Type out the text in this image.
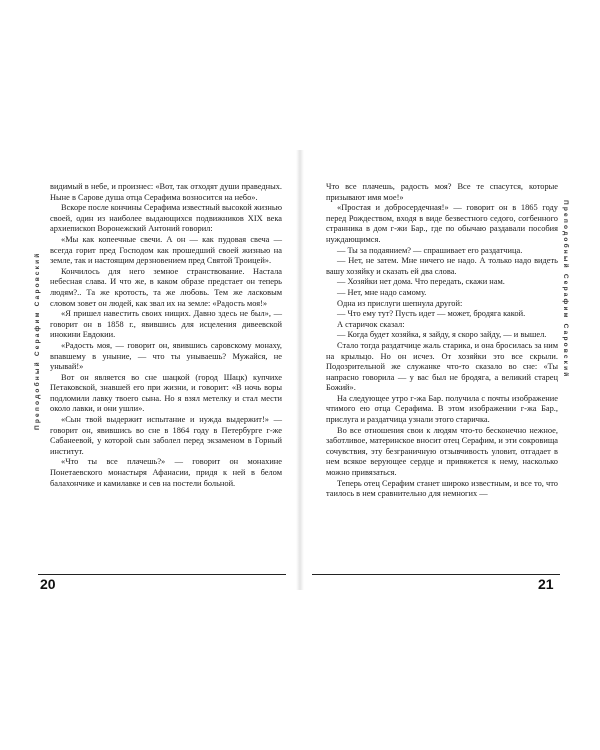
Преподобный Серафим Саровский	Преподобный Серафим Саровский

видимый в небе, и произнес: «Вот, так отходят души праведных. Ныне в Сарове душа отца Серафима возносится на небо».

Вскоре после кончины Серафима известный высокой жизнью своей, один из наиболее выдающихся подвижников XIX века архиепископ Воронежский Антоний говорил:

«Мы как копеечные свечи. А он — как пудовая свеча — всегда горит пред Господом как прошедший своей жизнью на земле, так и настоящим дерзновением пред Святой Троицей».

Кончилось для него земное странствование. Настала небесная слава. И что же, в каком образе предстает он теперь людям?.. Та же кротость, та же любовь. Тем же ласковым словом зовет он людей, как звал их на земле: «Радость моя!»

«Я пришел навестить своих нищих. Давно здесь не был», — говорит он в 1858 г., явившись для исцеления дивеевской инокини Евдокии.

«Радость моя, — говорит он, явившись саровскому монаху, впавшему в уныние, — что ты унываешь? Мужайся, не унывай!»

Вот он является во сне шацкой (город Шацк) купчихе Петаковской, знавшей его при жизни, и говорит: «В ночь воры подломили лавку твоего сына. Но я взял метелку и стал мести около лавки, и они ушли».

«Сын твой выдержит испытание и нужда выдержит!» — говорит он, явившись во сне в 1864 году в Петербурге г-же Сабанеевой, у которой сын заболел перед экзаменом в Горный институт.

«Что ты все плачешь?» — говорит он монахине Понетаевского монастыря Афанасии, придя к ней в белом балахончике и камилавке и сев на постели больной.

Что все плачешь, радость моя? Все те спасутся, которые призывают имя мое!»

«Простая и добросердечная!» — говорит он в 1865 году перед Рождеством, входя в виде безвестного седого, согбенного странника в дом г-жи Бар., где по обычаю раздавали пособия нуждающимся.

— Ты за подаянием? — спрашивает его раздатчица.

— Нет, не затем. Мне ничего не надо. А только надо видеть вашу хозяйку и сказать ей два слова.

— Хозяйки нет дома. Что передать, скажи нам.

— Нет, мне надо самому.

Одна из прислуги шепнула другой:

— Что ему тут? Пусть идет — может, бродяга какой.

А старичок сказал:

— Когда будет хозяйка, я зайду, я скоро зайду, — и вышел.

Стало тогда раздатчице жаль старика, и она бросилась за ним на крыльцо. Но он исчез. От хозяйки это все скрыли. Подозрительной же служанке что-то сказало во сне: «Ты напрасно говорила — у вас был не бродяга, а великий старец Божий».

На следующее утро г-жа Бар. получила с почты изображение чтимого ею отца Серафима. В этом изображении г-жа Бар., прислуга и раздатчица узнали этого старичка.

Во все отношения свои к людям что-то бесконечно нежное, заботливое, материнское вносит отец Серафим, и эти сокровища сочувствия, эту безграничную отзывчивость уловит, отгадает в нем всякое верующее сердце и привяжется к нему, насколько можно привязаться.

Теперь отец Серафим станет широко известным, и все то, что таилось в нем сравнительно для немногих —

20	21
